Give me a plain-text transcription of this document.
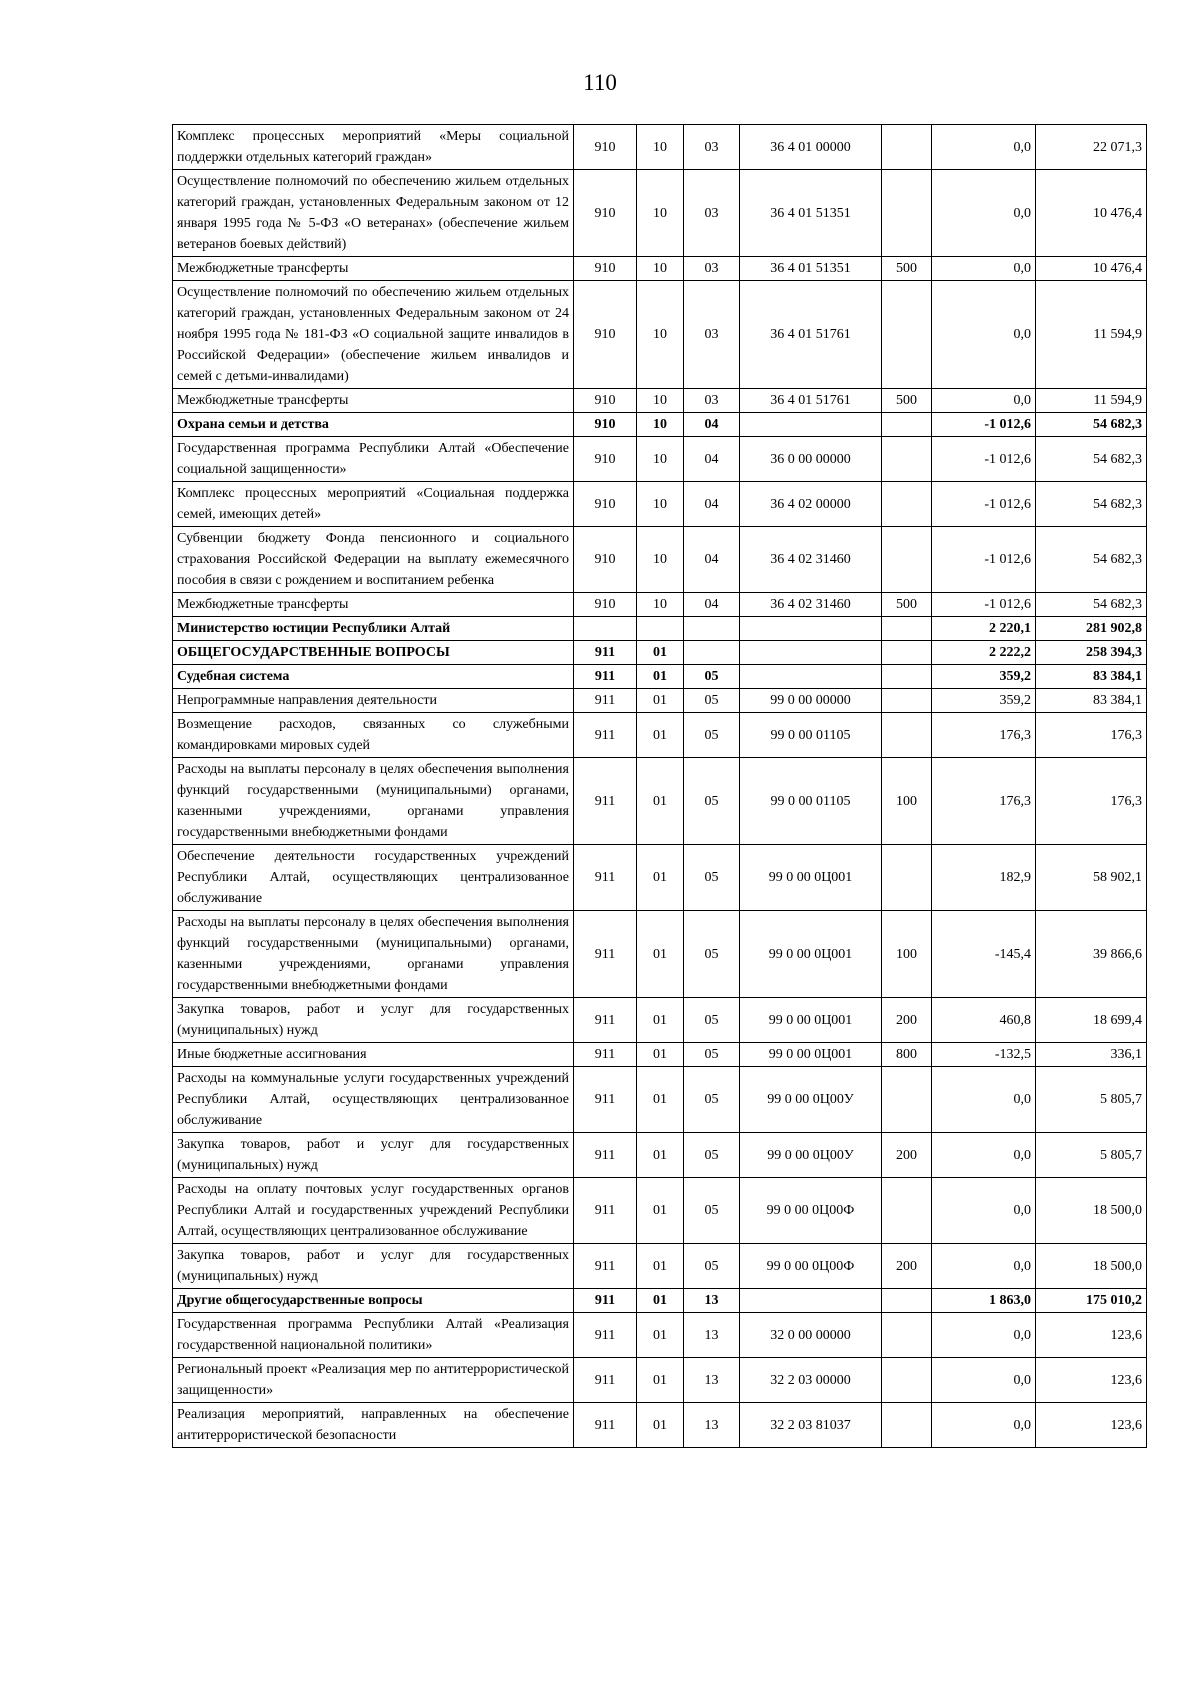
110
Комплекс процессных мероприятий «Меры социальной поддержки отдельных категорий граждан»	910	10	03	36 4 01 00000		0,0	22 071,3
Осуществление полномочий по обеспечению жильем отдельных категорий граждан, установленных Федеральным законом от 12 января 1995 года № 5-ФЗ «О ветеранах» (обеспечение жильем ветеранов боевых действий)	910	10	03	36 4 01 51351		0,0	10 476,4
Межбюджетные трансферты	910	10	03	36 4 01 51351	500	0,0	10 476,4
Осуществление полномочий по обеспечению жильем отдельных категорий граждан, установленных Федеральным законом от 24 ноября 1995 года № 181-ФЗ «О социальной защите инвалидов в Российской Федерации» (обеспечение жильем инвалидов и семей с детьми-инвалидами)	910	10	03	36 4 01 51761		0,0	11 594,9
Межбюджетные трансферты	910	10	03	36 4 01 51761	500	0,0	11 594,9
Охрана семьи и детства	910	10	04			-1 012,6	54 682,3
Государственная программа Республики Алтай «Обеспечение социальной защищенности»	910	10	04	36 0 00 00000		-1 012,6	54 682,3
Комплекс процессных мероприятий «Социальная поддержка семей, имеющих детей»	910	10	04	36 4 02 00000		-1 012,6	54 682,3
Субвенции бюджету Фонда пенсионного и социального страхования Российской Федерации на выплату ежемесячного пособия в связи с рождением и воспитанием ребенка	910	10	04	36 4 02 31460		-1 012,6	54 682,3
Межбюджетные трансферты	910	10	04	36 4 02 31460	500	-1 012,6	54 682,3
Министерство юстиции Республики Алтай						2 220,1	281 902,8
ОБЩЕГОСУДАРСТВЕННЫЕ ВОПРОСЫ	911	01				2 222,2	258 394,3
Судебная система	911	01	05			359,2	83 384,1
Непрограммные направления деятельности	911	01	05	99 0 00 00000		359,2	83 384,1
Возмещение расходов, связанных со служебными командировками мировых судей	911	01	05	99 0 00 01105		176,3	176,3
Расходы на выплаты персоналу в целях обеспечения выполнения функций государственными (муниципальными) органами, казенными учреждениями, органами управления государственными внебюджетными фондами	911	01	05	99 0 00 01105	100	176,3	176,3
Обеспечение деятельности государственных учреждений Республики Алтай, осуществляющих централизованное обслуживание	911	01	05	99 0 00 0Ц001		182,9	58 902,1
Расходы на выплаты персоналу в целях обеспечения выполнения функций государственными (муниципальными) органами, казенными учреждениями, органами управления государственными внебюджетными фондами	911	01	05	99 0 00 0Ц001	100	-145,4	39 866,6
Закупка товаров, работ и услуг для государственных (муниципальных) нужд	911	01	05	99 0 00 0Ц001	200	460,8	18 699,4
Иные бюджетные ассигнования	911	01	05	99 0 00 0Ц001	800	-132,5	336,1
Расходы на коммунальные услуги государственных учреждений Республики Алтай, осуществляющих централизованное обслуживание	911	01	05	99 0 00 0Ц00У		0,0	5 805,7
Закупка товаров, работ и услуг для государственных (муниципальных) нужд	911	01	05	99 0 00 0Ц00У	200	0,0	5 805,7
Расходы на оплату почтовых услуг государственных органов Республики Алтай и государственных учреждений Республики Алтай, осуществляющих централизованное обслуживание	911	01	05	99 0 00 0Ц00Ф		0,0	18 500,0
Закупка товаров, работ и услуг для государственных (муниципальных) нужд	911	01	05	99 0 00 0Ц00Ф	200	0,0	18 500,0
Другие общегосударственные вопросы	911	01	13			1 863,0	175 010,2
Государственная программа Республики Алтай «Реализация государственной национальной политики»	911	01	13	32 0 00 00000		0,0	123,6
Региональный проект «Реализация мер по антитеррористической защищенности»	911	01	13	32 2 03 00000		0,0	123,6
Реализация мероприятий, направленных на обеспечение антитеррористической безопасности	911	01	13	32 2 03 81037		0,0	123,6
